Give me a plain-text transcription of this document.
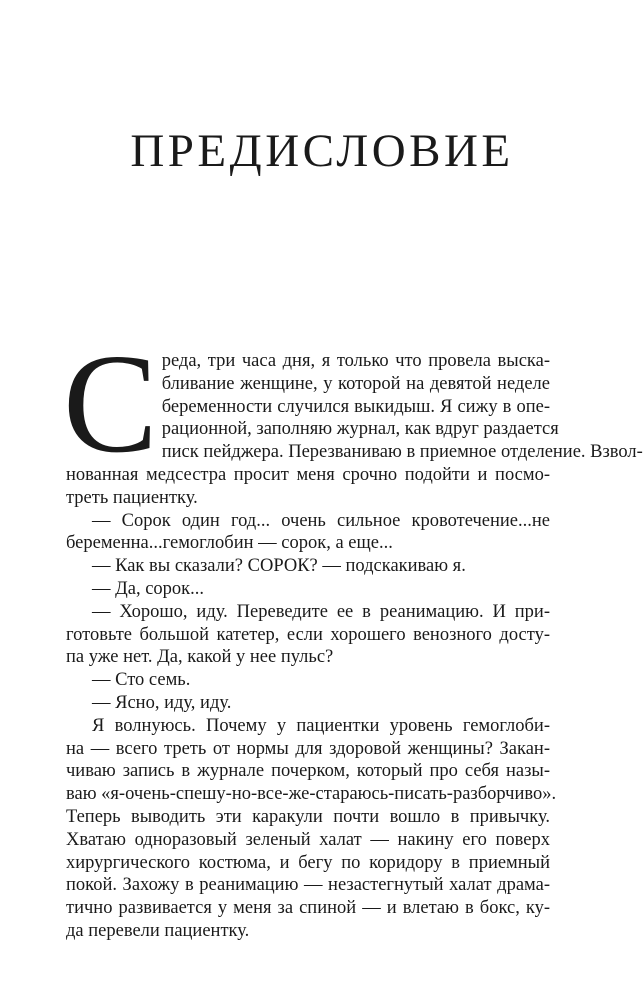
ПРЕДИСЛОВИЕ
С реда, три часа дня, я только что провела выска-
бливание женщине, у которой на девятой неделе
беременности случился выкидыш. Я сижу в опе-
рационной, заполняю журнал, как вдруг раздается
писк пейджера. Перезваниваю в приемное отделение. Взвол-
нованная медсестра просит меня срочно подойти и посмо-
треть пациентку.
— Сорок один год... очень сильное кровотечение...не
беременна...гемоглобин — сорок, а еще...
— Как вы сказали? СОРОК? — подскакиваю я.
— Да, сорок...
— Хорошо, иду. Переведите ее в реанимацию. И при-
готовьте большой катетер, если хорошего венозного досту-
па уже нет. Да, какой у нее пульс?
— Сто семь.
— Ясно, иду, иду.
Я волнуюсь. Почему у пациентки уровень гемоглоби-
на — всего треть от нормы для здоровой женщины? Закан-
чиваю запись в журнале почерком, который про себя назы-
ваю «я-очень-спешу-но-все-же-стараюсь-писать-разборчиво».
Теперь выводить эти каракули почти вошло в привычку.
Хватаю одноразовый зеленый халат — накину его поверх
хирургического костюма, и бегу по коридору в приемный
покой. Захожу в реанимацию — незастегнутый халат драма-
тично развивается у меня за спиной — и влетаю в бокс, ку-
да перевели пациентку.
